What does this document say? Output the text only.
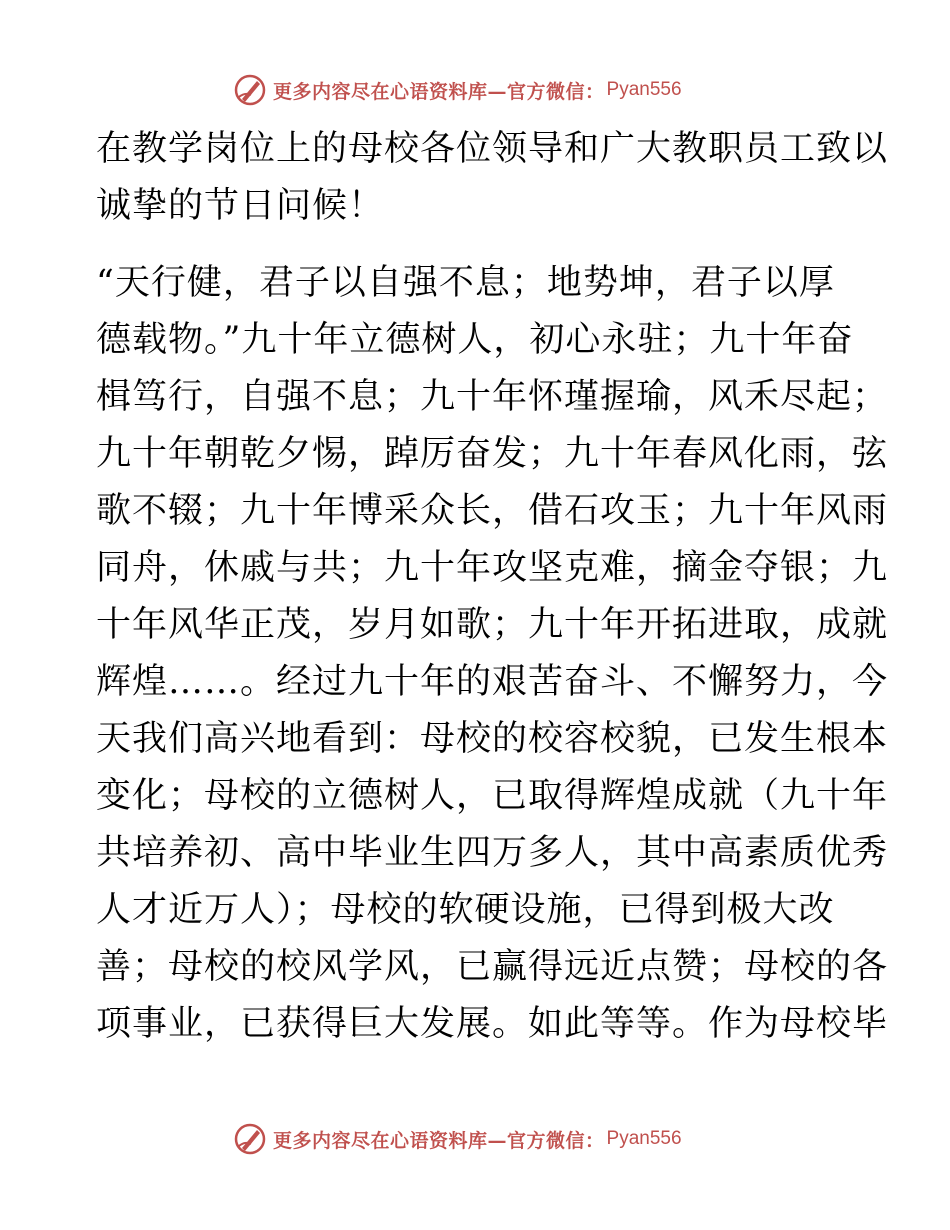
更多内容尽在心语资料库—官方微信： Pyan556
在教学岗位上的母校各位领导和广大教职员工致以
诚挚的节日问候！
“天行健，君子以自强不息；地势坤，君子以厚
德载物。”九十年立德树人，初心永驻；九十年奋
楫笃行，自强不息；九十年怀瑾握瑜，风禾尽起；
九十年朝乾夕惕，踔厉奋发；九十年春风化雨，弦
歌不辍；九十年博采众长，借石攻玉；九十年风雨
同舟，休戚与共；九十年攻坚克难，摘金夺银；九
十年风华正茂，岁月如歌；九十年开拓进取，成就
辉煌……。经过九十年的艰苦奋斗、不懈努力，今
天我们高兴地看到：母校的校容校貌，已发生根本
变化；母校的立德树人，已取得辉煌成就（九十年
共培养初、高中毕业生四万多人，其中高素质优秀
人才近万人）；母校的软硬设施，已得到极大改
善；母校的校风学风，已赢得远近点赞；母校的各
项事业，已获得巨大发展。如此等等。作为母校毕
更多内容尽在心语资料库—官方微信： Pyan556
